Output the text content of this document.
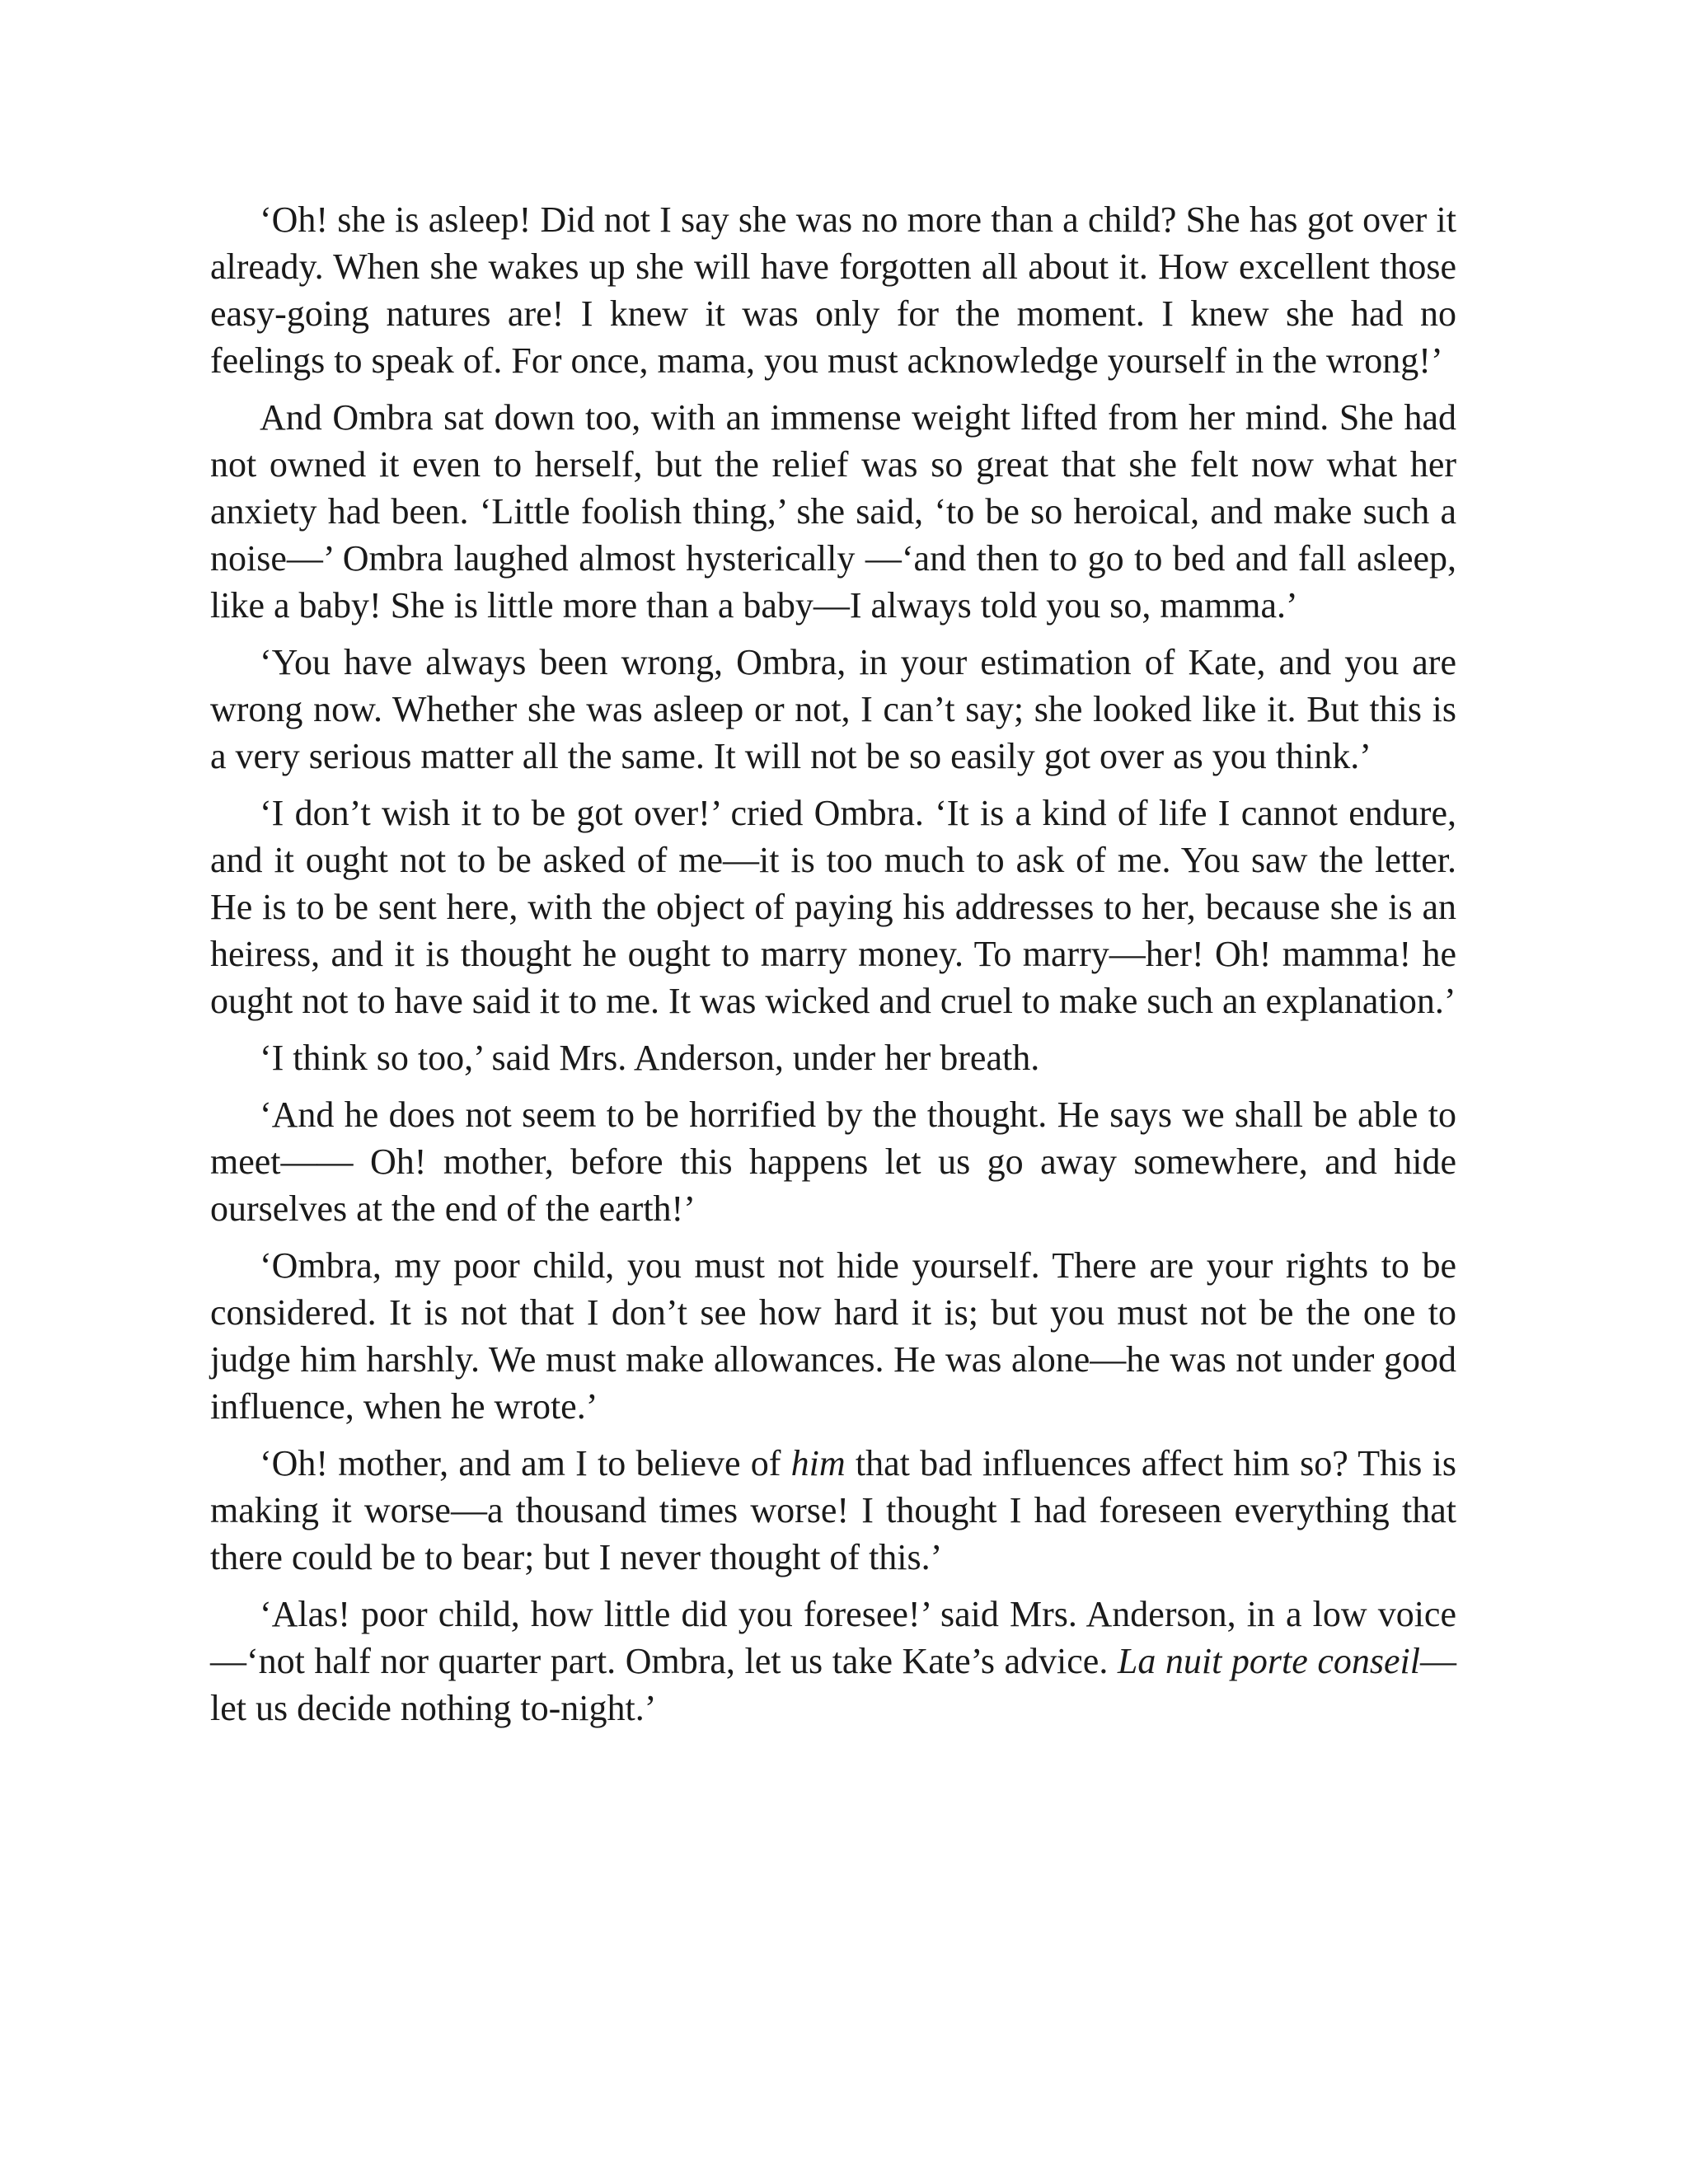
‘Oh! she is asleep! Did not I say she was no more than a child? She has got over it already. When she wakes up she will have forgotten all about it. How excellent those easy-going natures are! I knew it was only for the moment. I knew she had no feelings to speak of. For once, mama, you must acknowledge yourself in the wrong!’

And Ombra sat down too, with an immense weight lifted from her mind. She had not owned it even to herself, but the relief was so great that she felt now what her anxiety had been. ‘Little foolish thing,’ she said, ‘to be so heroical, and make such a noise—’ Ombra laughed almost hysterically —‘and then to go to bed and fall asleep, like a baby! She is little more than a baby—I always told you so, mamma.’

‘You have always been wrong, Ombra, in your estimation of Kate, and you are wrong now. Whether she was asleep or not, I can’t say; she looked like it. But this is a very serious matter all the same. It will not be so easily got over as you think.’

‘I don’t wish it to be got over!’ cried Ombra. ‘It is a kind of life I cannot endure, and it ought not to be asked of me—it is too much to ask of me. You saw the letter. He is to be sent here, with the object of paying his addresses to her, because she is an heiress, and it is thought he ought to marry money. To marry—her! Oh! mamma! he ought not to have said it to me. It was wicked and cruel to make such an explanation.’

‘I think so too,’ said Mrs. Anderson, under her breath.

‘And he does not seem to be horrified by the thought. He says we shall be able to meet—— Oh! mother, before this happens let us go away somewhere, and hide ourselves at the end of the earth!’

‘Ombra, my poor child, you must not hide yourself. There are your rights to be considered. It is not that I don’t see how hard it is; but you must not be the one to judge him harshly. We must make allowances. He was alone—he was not under good influence, when he wrote.’

‘Oh! mother, and am I to believe of him that bad influences affect him so? This is making it worse—a thousand times worse! I thought I had foreseen everything that there could be to bear; but I never thought of this.’

‘Alas! poor child, how little did you foresee!’ said Mrs. Anderson, in a low voice—‘not half nor quarter part. Ombra, let us take Kate’s advice. La nuit porte conseil—let us decide nothing to-night.’
